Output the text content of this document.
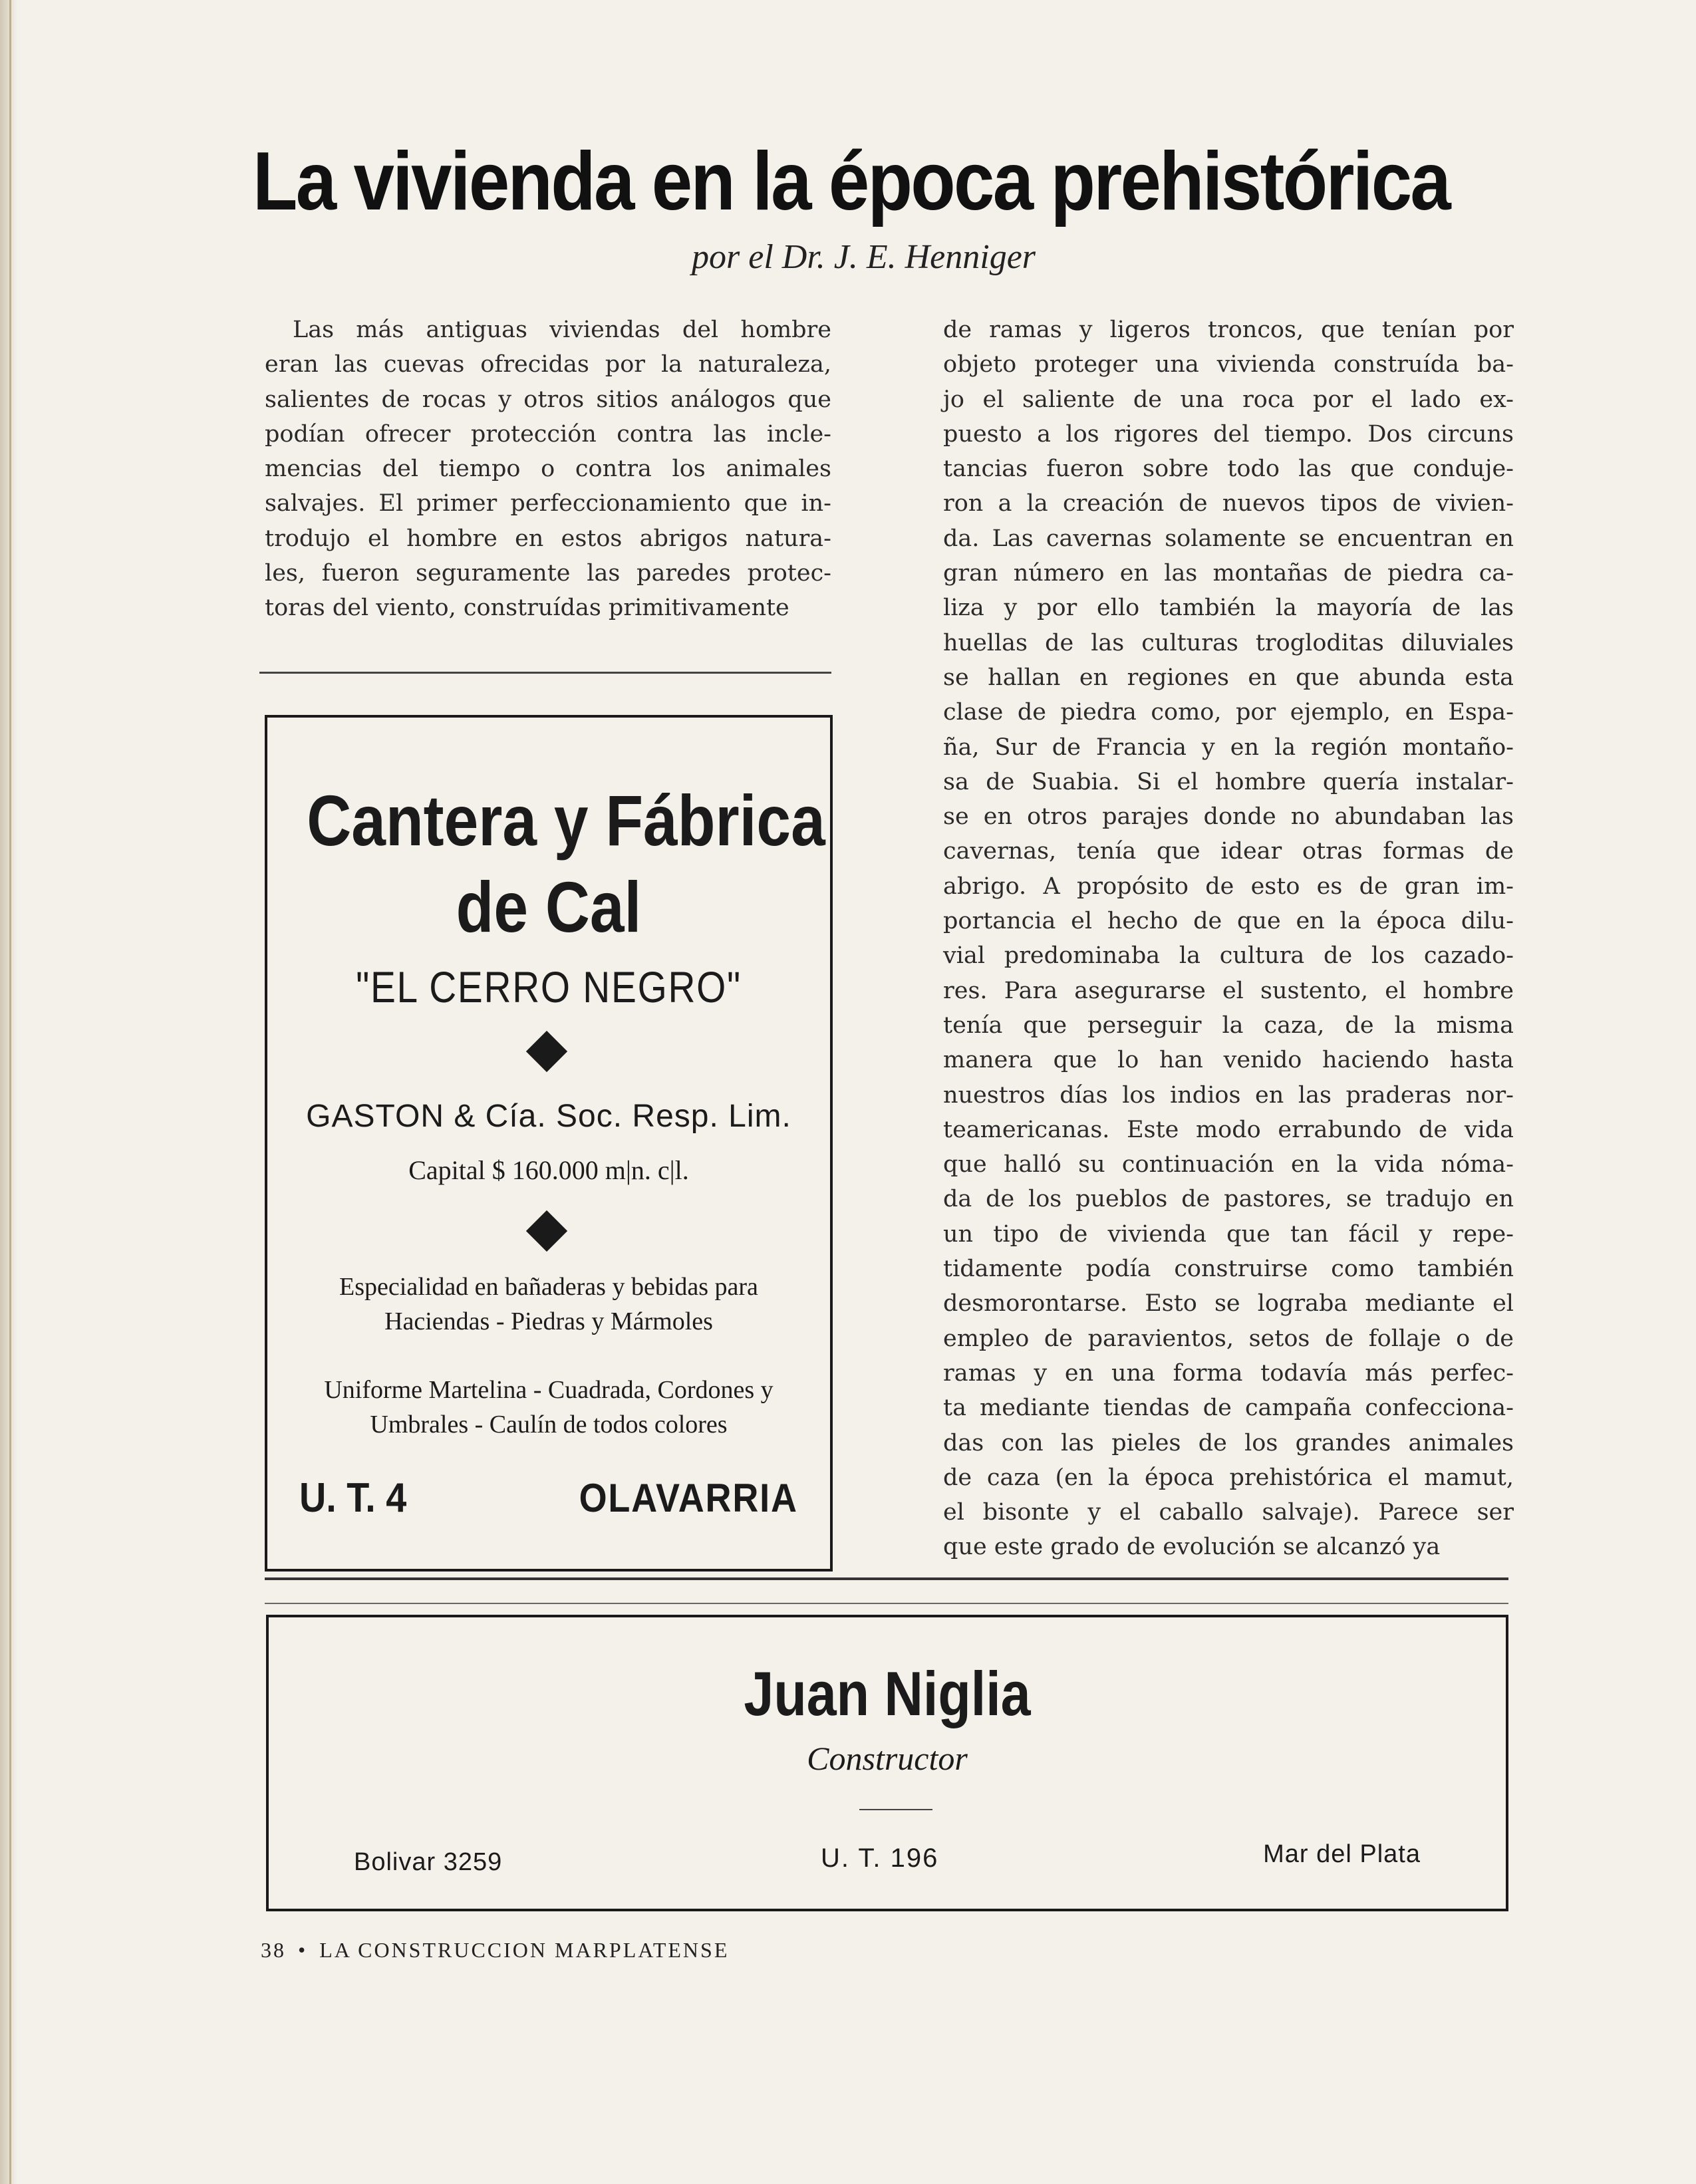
La vivienda en la época prehistórica
por el Dr. J. E. Henniger
Las más antiguas viviendas del hombre
eran las cuevas ofrecidas por la naturaleza,
salientes de rocas y otros sitios análogos que
podían ofrecer protección contra las incle-
mencias del tiempo o contra los animales
salvajes. El primer perfeccionamiento que in-
trodujo el hombre en estos abrigos natura-
les, fueron seguramente las paredes protec-
toras del viento, construídas primitivamente
de ramas y ligeros troncos, que tenían por
objeto proteger una vivienda construída ba-
jo el saliente de una roca por el lado ex-
puesto a los rigores del tiempo. Dos circuns
tancias fueron sobre todo las que conduje-
ron a la creación de nuevos tipos de vivien-
da. Las cavernas solamente se encuentran en
gran número en las montañas de piedra ca-
liza y por ello también la mayoría de las
huellas de las culturas trogloditas diluviales
se hallan en regiones en que abunda esta
clase de piedra como, por ejemplo, en Espa-
ña, Sur de Francia y en la región montaño-
sa de Suabia. Si el hombre quería instalar-
se en otros parajes donde no abundaban las
cavernas, tenía que idear otras formas de
abrigo. A propósito de esto es de gran im-
portancia el hecho de que en la época dilu-
vial predominaba la cultura de los cazado-
res. Para asegurarse el sustento, el hombre
tenía que perseguir la caza, de la misma
manera que lo han venido haciendo hasta
nuestros días los indios en las praderas nor-
teamericanas. Este modo errabundo de vida
que halló su continuación en la vida nóma-
da de los pueblos de pastores, se tradujo en
un tipo de vivienda que tan fácil y repe-
tidamente podía construirse como también
desmorontarse. Esto se lograba mediante el
empleo de paravientos, setos de follaje o de
ramas y en una forma todavía más perfec-
ta mediante tiendas de campaña confecciona-
das con las pieles de los grandes animales
de caza (en la época prehistórica el mamut,
el bisonte y el caballo salvaje). Parece ser
que este grado de evolución se alcanzó ya
Cantera y Fábrica
de Cal
"EL CERRO NEGRO"
GASTON & Cía. Soc. Resp. Lim.
Capital $ 160.000 m|n. c|l.
Especialidad en bañaderas y bebidas para Haciendas - Piedras y Mármoles
Uniforme Martelina - Cuadrada, Cordones y Umbrales - Caulín de todos colores
U. T. 4	OLAVARRIA
Juan Niglia
Constructor
Bolivar 3259	U. T. 196	Mar del Plata
38 • LA CONSTRUCCION MARPLATENSE
